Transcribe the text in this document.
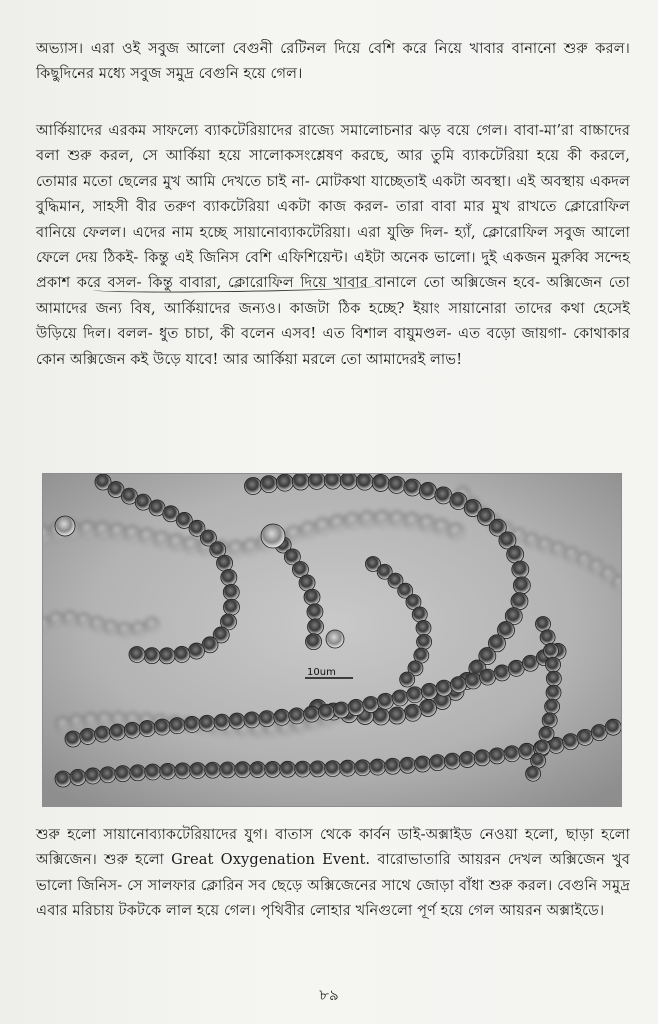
অভ্যাস। এরা ওই সবুজ আলো বেগুনী রেটিনল দিয়ে বেশি করে নিয়ে খাবার বানানো শুরু করল। কিছুদিনের মধ্যে সবুজ সমুদ্র বেগুনি হয়ে গেল।

আর্কিয়াদের এরকম সাফল্যে ব্যাকটেরিয়াদের রাজ্যে সমালোচনার ঝড় বয়ে গেল। বাবা-মা’রা বাচ্চাদের বলা শুরু করল, সে আর্কিয়া হয়ে সালোকসংশ্লেষণ করছে, আর তুমি ব্যাকটেরিয়া হয়ে কী করলে, তোমার মতো ছেলের মুখ আমি দেখতে চাই না- মোটকথা যাচ্ছেতাই একটা অবস্থা। এই অবস্থায় একদল বুদ্ধিমান, সাহসী বীর তরুণ ব্যাকটেরিয়া একটা কাজ করল- তারা বাবা মার মুখ রাখতে ক্লোরোফিল বানিয়ে ফেলল। এদের নাম হচ্ছে সায়ানোব্যাকটেরিয়া। এরা যুক্তি দিল- হ্যাঁ, ক্লোরোফিল সবুজ আলো ফেলে দেয় ঠিকই- কিন্তু এই জিনিস বেশি এফিশিয়েন্ট। এইটা অনেক ভালো। দুই একজন মুরুব্বি সন্দেহ প্রকাশ করে বসল- কিন্তু বাবারা, ক্লোরোফিল দিয়ে খাবার বানালে তো অক্সিজেন হবে- অক্সিজেন তো আমাদের জন্য বিষ, আর্কিয়াদের জন্যও। কাজটা ঠিক হচ্ছে? ইয়াং সায়ানোরা তাদের কথা হেসেই উড়িয়ে দিল। বলল- ধুত চাচা, কী বলেন এসব! এত বিশাল বায়ুমণ্ডল- এত বড়ো জায়গা- কোথাকার কোন অক্সিজেন কই উড়ে যাবে! আর আর্কিয়া মরলে তো আমাদেরই লাভ!

10um

শুরু হলো সায়ানোব্যাকটেরিয়াদের যুগ। বাতাস থেকে কার্বন ডাই-অক্সাইড নেওয়া হলো, ছাড়া হলো অক্সিজেন। শুরু হলো Great Oxygenation Event. বারোভাতারি আয়রন দেখল অক্সিজেন খুব ভালো জিনিস- সে সালফার ক্লোরিন সব ছেড়ে অক্সিজেনের সাথে জোড়া বাঁধা শুরু করল। বেগুনি সমুদ্র এবার মরিচায় টকটকে লাল হয়ে গেল। পৃথিবীর লোহার খনিগুলো পূর্ণ হয়ে গেল আয়রন অক্সাইডে।

৮৯
